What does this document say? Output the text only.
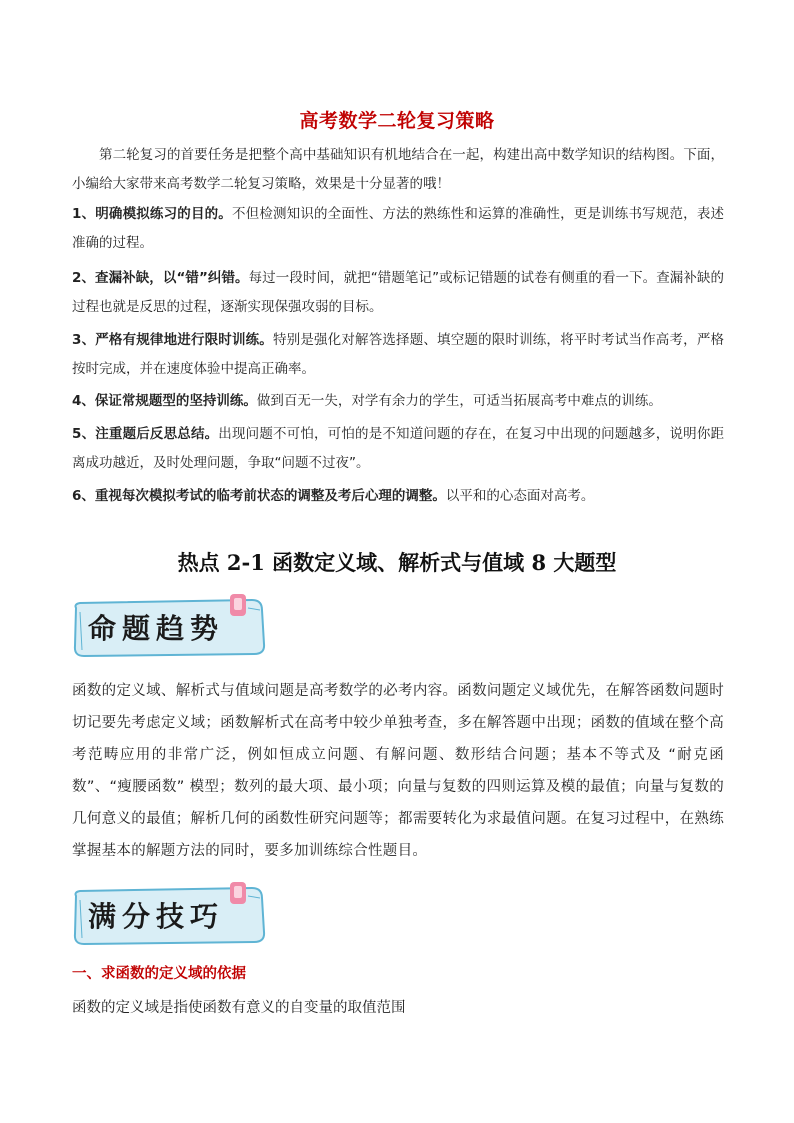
高考数学二轮复习策略
第二轮复习的首要任务是把整个高中基础知识有机地结合在一起，构建出高中数学知识的结构图。下面，小编给大家带来高考数学二轮复习策略，效果是十分显著的哦！
1、明确模拟练习的目的。不但检测知识的全面性、方法的熟练性和运算的准确性，更是训练书写规范，表述准确的过程。
2、查漏补缺，以“错”纠错。每过一段时间，就把“错题笔记”或标记错题的试卷有侧重的看一下。查漏补缺的过程也就是反思的过程，逐渐实现保强攻弱的目标。
3、严格有规律地进行限时训练。特别是强化对解答选择题、填空题的限时训练，将平时考试当作高考，严格按时完成，并在速度体验中提高正确率。
4、保证常规题型的坚持训练。做到百无一失，对学有余力的学生，可适当拓展高考中难点的训练。
5、注重题后反思总结。出现问题不可怕，可怕的是不知道问题的存在，在复习中出现的问题越多，说明你距离成功越近，及时处理问题，争取“问题不过夜”。
6、重视每次模拟考试的临考前状态的调整及考后心理的调整。以平和的心态面对高考。
热点 2-1 函数定义域、解析式与值域 8 大题型
命题趋势
函数的定义域、解析式与值域问题是高考数学的必考内容。函数问题定义域优先，在解答函数问题时切记要先考虑定义域；函数解析式在高考中较少单独考查，多在解答题中出现；函数的值域在整个高考范畴应用的非常广泛，例如恒成立问题、有解问题、数形结合问题；基本不等式及 “耐克函数”、“瘦腰函数” 模型；数列的最大项、最小项；向量与复数的四则运算及模的最值；向量与复数的几何意义的最值；解析几何的函数性研究问题等；都需要转化为求最值问题。在复习过程中，在熟练掌握基本的解题方法的同时，要多加训练综合性题目。
满分技巧
一、求函数的定义域的依据
函数的定义域是指使函数有意义的自变量的取值范围
